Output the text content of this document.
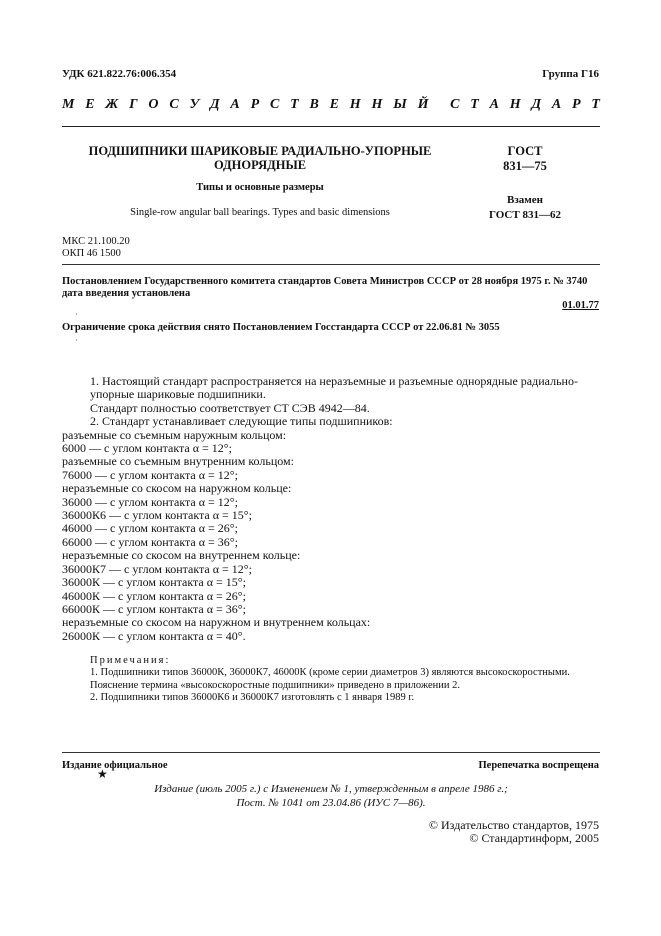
УДК 621.822.76:006.354	Группа Г16
М Е Ж Г О С У Д А Р С Т В Е Н Н Ы Й С Т А Н Д А Р Т
ПОДШИПНИКИ ШАРИКОВЫЕ РАДИАЛЬНО-УПОРНЫЕ
ОДНОРЯДНЫЕ
Типы и основные размеры
Single-row angular ball bearings. Types and basic dimensions
ГОСТ
831—75
Взамен
ГОСТ 831—62
МКС 21.100.20
ОКП 46 1500
Постановлением Государственного комитета стандартов Совета Министров СССР от 28 ноября 1975 г. № 3740 дата введения установлена
01.01.77
·
Ограничение срока действия снято Постановлением Госстандарта СССР от 22.06.81 № 3055
·

1. Настоящий стандарт распространяется на неразъемные и разъемные однорядные радиально-упорные шариковые подшипники.

Стандарт полностью соответствует СТ СЭВ 4942—84.

2. Стандарт устанавливает следующие типы подшипников:

разъемные со съемным наружным кольцом:

6000 — с углом контакта α = 12°;

разъемные со съемным внутренним кольцом:

76000 — с углом контакта α = 12°;

неразъемные со скосом на наружном кольце:

36000 — с углом контакта α = 12°;

36000К6 — с углом контакта α = 15°;

46000 — с углом контакта α = 26°;

66000 — с углом контакта α = 36°;

неразъемные со скосом на внутреннем кольце:

36000К7 — с углом контакта α = 12°;

36000К — с углом контакта α = 15°;

46000К — с углом контакта α = 26°;

66000К — с углом контакта α = 36°;

неразъемные со скосом на наружном и внутреннем кольцах:

26000К — с углом контакта α = 40°.

Примечания:

1. Подшипники типов 36000К, 36000К7, 46000К (кроме серии диаметров 3) являются высокоскоростными. Пояснение термина «высокоскоростные подшипники» приведено в приложении 2.

2. Подшипники типов 36000К6 и 36000К7 изготовлять с 1 января 1989 г.

Издание официальное	Перепечатка воспрещена
★
Издание (июль 2005 г.) с Изменением № 1, утвержденным в апреле 1986 г.;
Пост. № 1041 от 23.04.86 (ИУС 7—86).
© Издательство стандартов, 1975
© Стандартинформ, 2005
